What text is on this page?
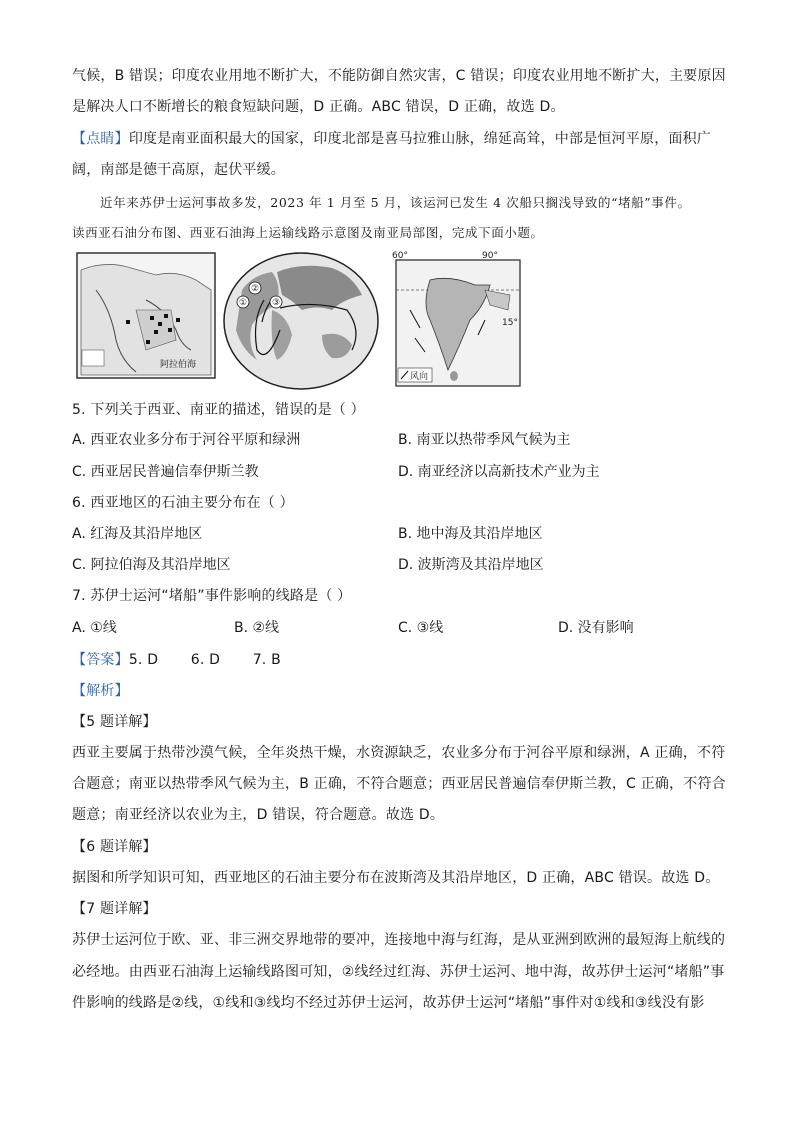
气候，B 错误；印度农业用地不断扩大，不能防御自然灾害，C 错误；印度农业用地不断扩大，主要原因
是解决人口不断增长的粮食短缺问题，D 正确。ABC 错误，D 正确，故选 D。
【点睛】印度是南亚面积最大的国家，印度北部是喜马拉雅山脉，绵延高耸，中部是恒河平原，面积广
阔，南部是德干高原，起伏平缓。
近年来苏伊士运河事故多发，2023 年 1 月至 5 月，该运河已发生 4 次船只搁浅导致的“堵船”事件。
读西亚石油分布图、西亚石油海上运输线路示意图及南亚局部图，完成下面小题。
阿拉伯海
①
②
③
60°	90°
15°
风向
5. 下列关于西亚、南亚的描述，错误的是（ ）
A. 西亚农业多分布于河谷平原和绿洲	B. 南亚以热带季风气候为主
C. 西亚居民普遍信奉伊斯兰教	D. 南亚经济以高新技术产业为主
6. 西亚地区的石油主要分布在（ ）
A. 红海及其沿岸地区	B. 地中海及其沿岸地区
C. 阿拉伯海及其沿岸地区	D. 波斯湾及其沿岸地区
7. 苏伊士运河“堵船”事件影响的线路是（ ）
A. ①线	B. ②线	C. ③线	D. 没有影响
【答案】5. D       6. D       7. B
【解析】
【5 题详解】
西亚主要属于热带沙漠气候，全年炎热干燥，水资源缺乏，农业多分布于河谷平原和绿洲，A 正确，不符
合题意；南亚以热带季风气候为主，B 正确，不符合题意；西亚居民普遍信奉伊斯兰教，C 正确，不符合
题意；南亚经济以农业为主，D 错误，符合题意。故选 D。
【6 题详解】
据图和所学知识可知，西亚地区的石油主要分布在波斯湾及其沿岸地区，D 正确，ABC 错误。故选 D。
【7 题详解】
苏伊士运河位于欧、亚、非三洲交界地带的要冲，连接地中海与红海，是从亚洲到欧洲的最短海上航线的
必经地。由西亚石油海上运输线路图可知，②线经过红海、苏伊士运河、地中海，故苏伊士运河“堵船”事
件影响的线路是②线，①线和③线均不经过苏伊士运河，故苏伊士运河“堵船”事件对①线和③线没有影
